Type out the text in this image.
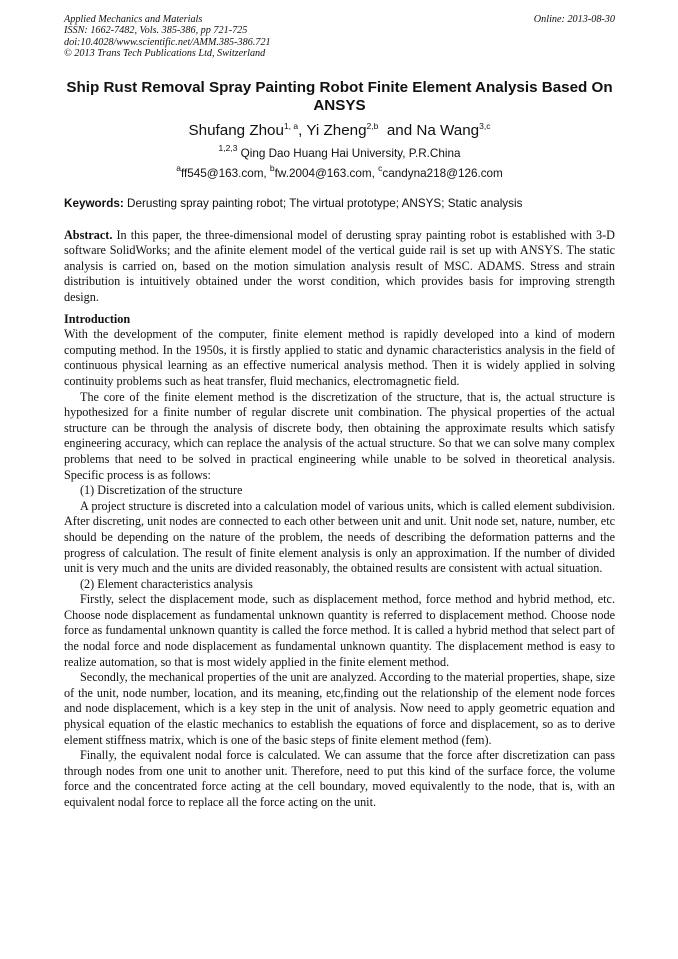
Applied Mechanics and Materials	Online: 2013-08-30
ISSN: 1662-7482, Vols. 385-386, pp 721-725
doi:10.4028/www.scientific.net/AMM.385-386.721
© 2013 Trans Tech Publications Ltd, Switzerland
Ship Rust Removal Spray Painting Robot Finite Element Analysis Based On ANSYS
Shufang Zhou$^{1, a}$, Yi Zheng$^{2,b}$  and Na Wang$^{3,c}$
$^{1,2,3}$ Qing Dao Huang Hai University, P.R.China
$^a$ff545@163.com, $^b$fw.2004@163.com, $^c$candyna218@126.com
Keywords: Derusting spray painting robot; The virtual prototype; ANSYS; Static analysis
Abstract. In this paper, the three-dimensional model of derusting spray painting robot is established with 3-D software SolidWorks; and the afinite element model of the vertical guide rail is set up with ANSYS. The static analysis is carried on, based on the motion simulation analysis result of MSC. ADAMS. Stress and strain distribution is intuitively obtained under the worst condition, which provides basis for improving strength design.
Introduction

With the development of the computer, finite element method is rapidly developed into a kind of modern computing method. In the 1950s, it is firstly applied to static and dynamic characteristics analysis in the field of continuous physical learning as an effective numerical analysis method. Then it is widely applied in solving continuity problems such as heat transfer, fluid mechanics, electromagnetic field.

The core of the finite element method is the discretization of the structure, that is, the actual structure is hypothesized for a finite number of regular discrete unit combination. The physical properties of the actual structure can be through the analysis of discrete body, then obtaining the approximate results which satisfy   engineering accuracy, which can replace the analysis of the actual structure. So that we can solve many complex problems that need to be solved in practical engineering while unable to be solved in theoretical analysis. Specific process is as follows:

(1) Discretization of the structure

A project structure is discreted into a calculation model of various units, which is called element subdivision. After discreting, unit nodes are connected to each other between unit and unit. Unit node set, nature, number, etc should be depending on the nature of the problem, the needs of describing the deformation patterns and the progress of calculation. The result of finite element analysis is only an approximation. If the number of divided unit is very much and the units are divided reasonably, the obtained results are consistent with actual situation.

(2) Element characteristics analysis

Firstly, select the displacement mode, such as displacement method, force method and hybrid method, etc. Choose node displacement as fundamental unknown quantity is referred to displacement method. Choose node force as fundamental unknown quantity is called the force method. It is called a hybrid method that select part of the nodal force and node displacement as fundamental unknown quantity. The displacement method is easy to realize automation, so that is most widely applied in the finite element method.

Secondly, the mechanical properties of the unit are analyzed. According to the material properties, shape, size of the unit, node number, location, and its meaning, etc,finding out the relationship of the element node forces and node displacement, which is a key step in the unit of analysis. Now need to apply geometric equation and physical equation of the elastic mechanics to establish the equations of force and displacement, so as to derive element stiffness matrix, which is one of the basic steps of finite element method (fem).

Finally, the equivalent nodal force is calculated. We can assume that the force after discretization can pass through nodes from one unit to another unit. Therefore, need to put this kind of the surface force, the volume force and the concentrated force acting at the cell boundary, moved equivalently to the node, that is, with an equivalent nodal force to replace all the force acting on the unit.
